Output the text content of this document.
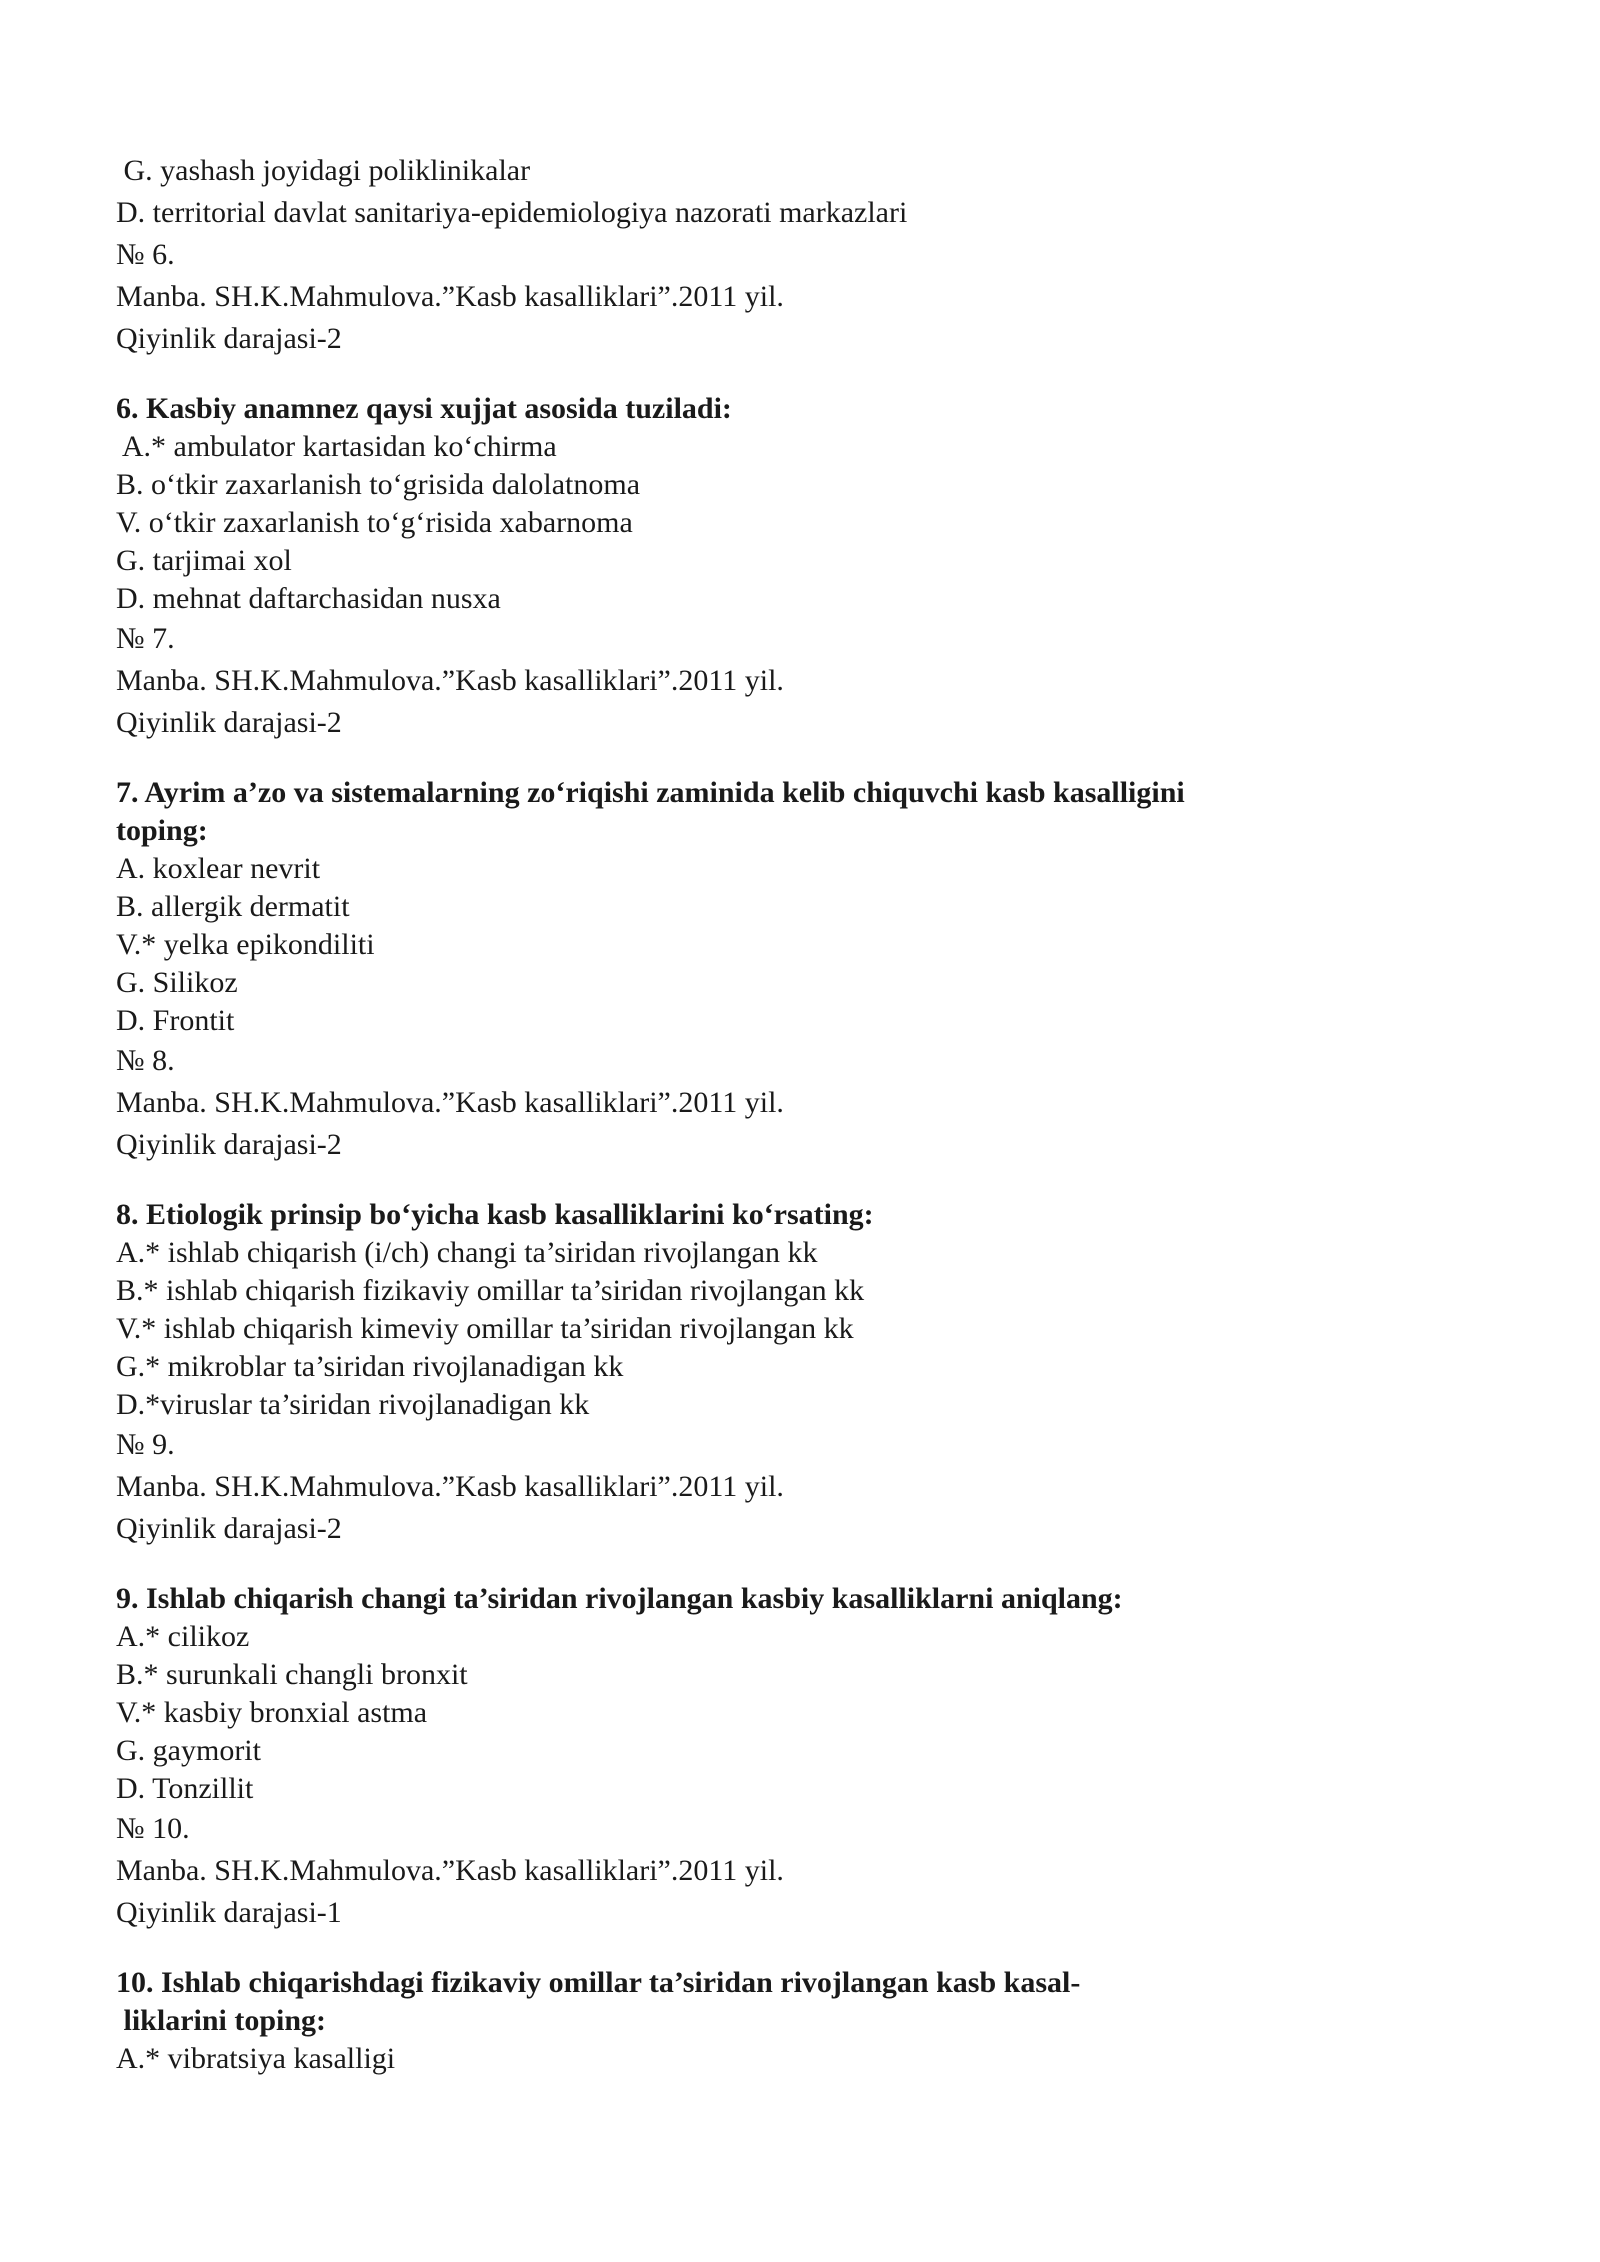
G. yashash joyidagi poliklinikalar
D. territorial davlat sanitariya-epidemiologiya nazorati markazlari
№ 6.
Manba. SH.K.Mahmulova.”Kasb kasalliklari”.2011 yil.
Qiyinlik darajasi-2
6. Kasbiy anamnez qaysi xujjat asosida tuziladi:
A.* ambulator kartasidan ko‘chirma
B. o‘tkir zaxarlanish to‘grisida dalolatnoma
V. o‘tkir zaxarlanish to‘g‘risida xabarnoma
G. tarjimai xol
D. mehnat daftarchasidan nusxa
№ 7.
Manba. SH.K.Mahmulova.”Kasb kasalliklari”.2011 yil.
Qiyinlik darajasi-2
7. Ayrim a’zo va sistemalarning zo‘riqishi zaminida kelib chiquvchi kasb kasalligini
toping:
A. koxlear nevrit
B. allergik dermatit
V.* yelka epikondiliti
G. Silikoz
D. Frontit
№ 8.
Manba. SH.K.Mahmulova.”Kasb kasalliklari”.2011 yil.
Qiyinlik darajasi-2
8. Etiologik prinsip bo‘yicha kasb kasalliklarini ko‘rsating:
A.* ishlab chiqarish (i/ch) changi ta’siridan rivojlangan kk
B.* ishlab chiqarish fizikaviy omillar ta’siridan rivojlangan kk
V.* ishlab chiqarish kimeviy omillar ta’siridan rivojlangan kk
G.* mikroblar ta’siridan rivojlanadigan kk
D.*viruslar ta’siridan rivojlanadigan kk
№ 9.
Manba. SH.K.Mahmulova.”Kasb kasalliklari”.2011 yil.
Qiyinlik darajasi-2
9. Ishlab chiqarish changi ta’siridan rivojlangan kasbiy kasalliklarni aniqlang:
A.* cilikoz
B.* surunkali changli bronxit
V.* kasbiy bronxial astma
G. gaymorit
D. Tonzillit
№ 10.
Manba. SH.K.Mahmulova.”Kasb kasalliklari”.2011 yil.
Qiyinlik darajasi-1
10. Ishlab chiqarishdagi fizikaviy omillar ta’siridan rivojlangan kasb kasal-
liklarini toping:
A.* vibratsiya kasalligi
